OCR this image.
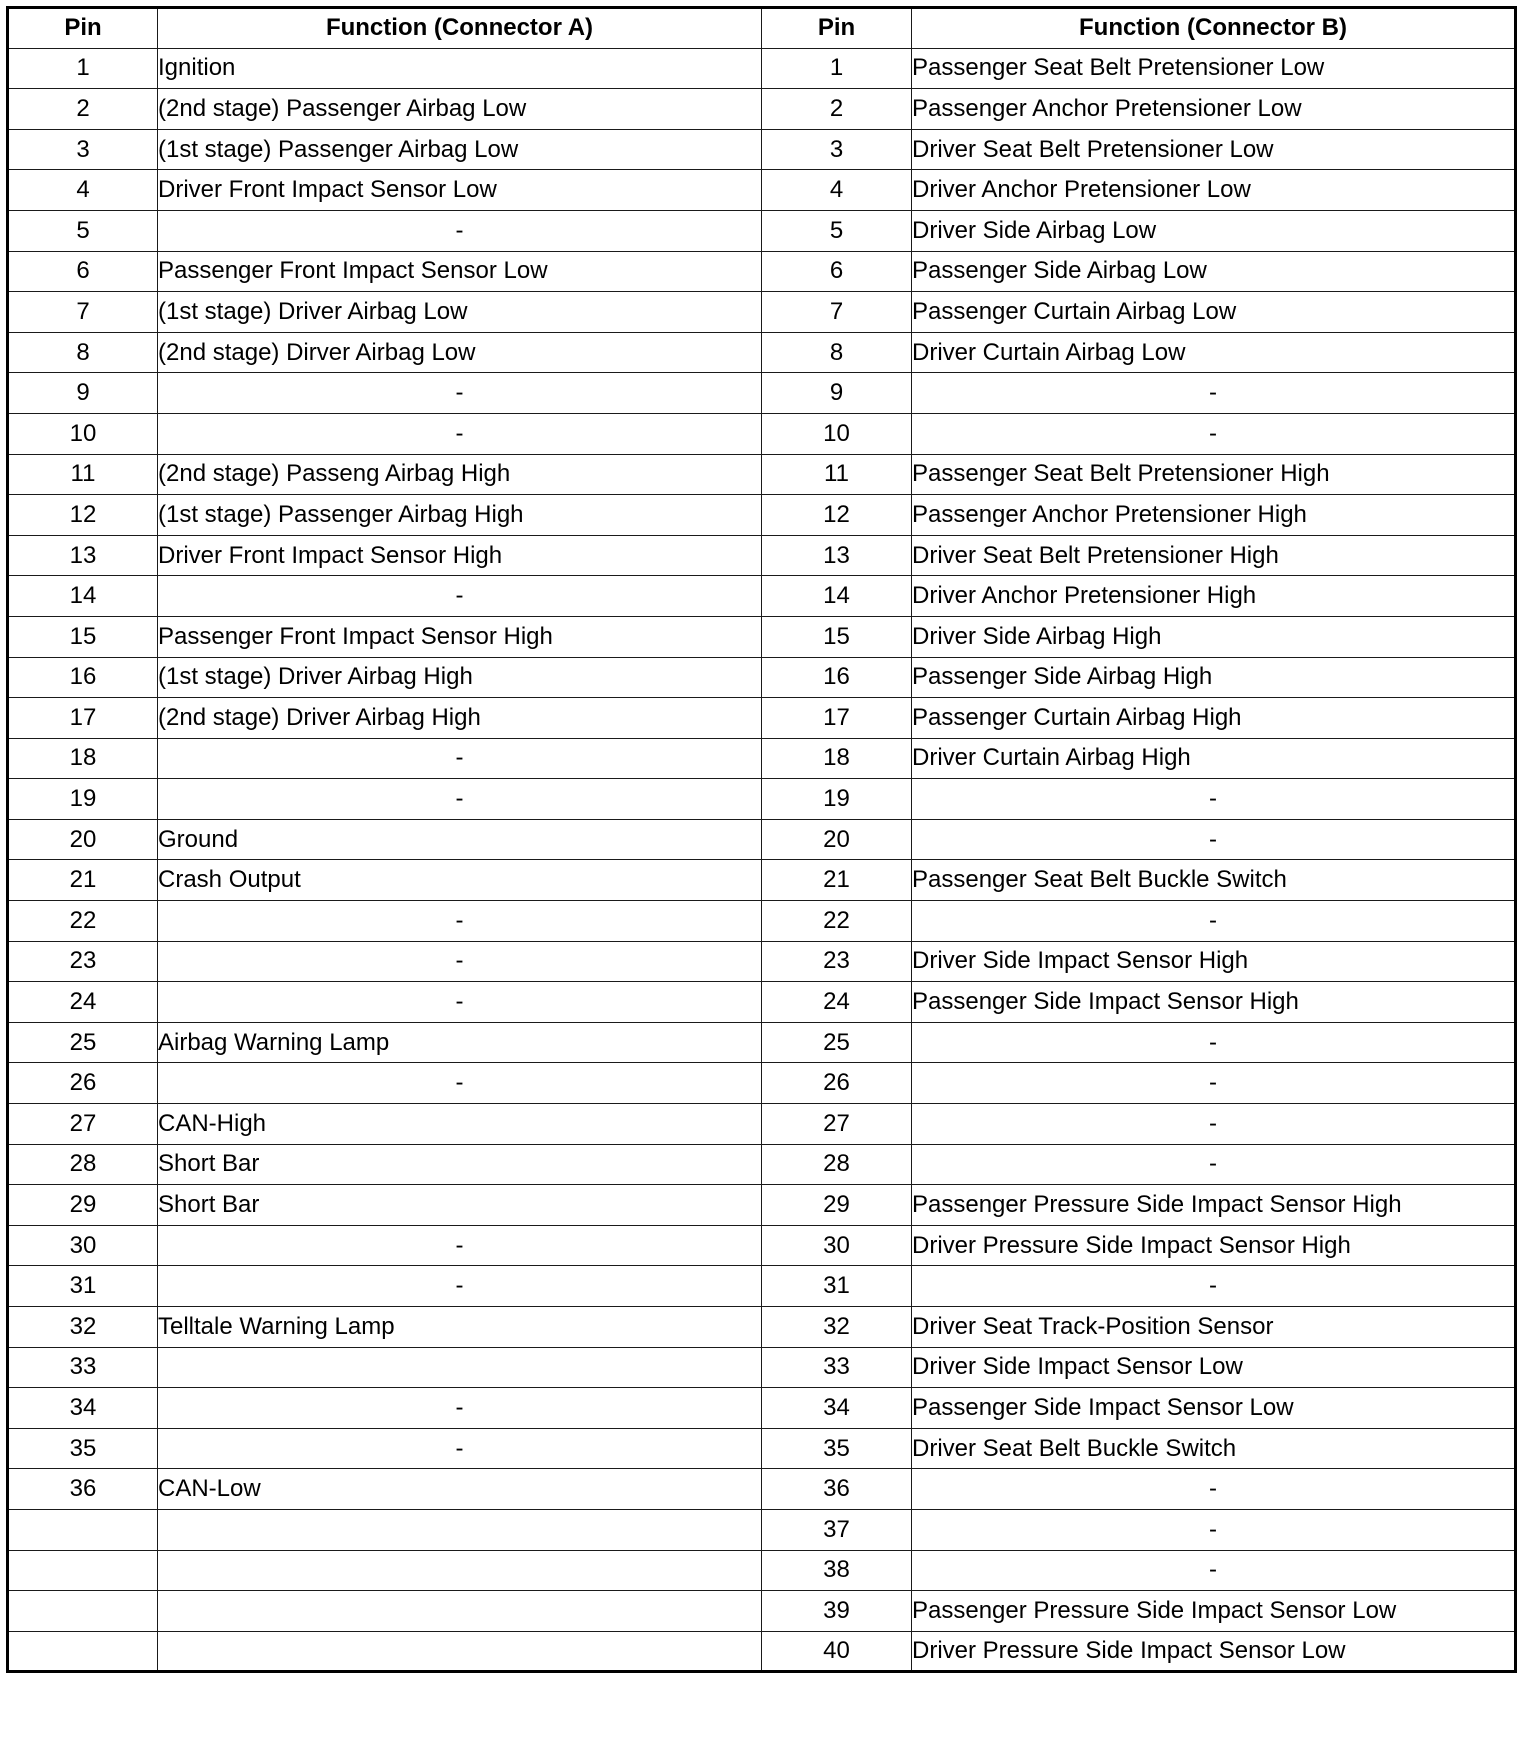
Pin	Function (Connector A)	Pin	Function (Connector B)
1	Ignition	1	Passenger Seat Belt Pretensioner Low
2	(2nd stage) Passenger Airbag Low	2	Passenger Anchor Pretensioner Low
3	(1st stage) Passenger Airbag Low	3	Driver Seat Belt Pretensioner Low
4	Driver Front Impact Sensor Low	4	Driver Anchor Pretensioner Low
5	-	5	Driver Side Airbag Low
6	Passenger Front Impact Sensor Low	6	Passenger Side Airbag Low
7	(1st stage) Driver Airbag Low	7	Passenger Curtain Airbag Low
8	(2nd stage) Dirver Airbag Low	8	Driver Curtain Airbag Low
9	-	9	-
10	-	10	-
11	(2nd stage) Passeng Airbag High	11	Passenger Seat Belt Pretensioner High
12	(1st stage) Passenger Airbag High	12	Passenger Anchor Pretensioner High
13	Driver Front Impact Sensor High	13	Driver Seat Belt Pretensioner High
14	-	14	Driver Anchor Pretensioner High
15	Passenger Front Impact Sensor High	15	Driver Side Airbag High
16	(1st stage) Driver Airbag High	16	Passenger Side Airbag High
17	(2nd stage) Driver Airbag High	17	Passenger Curtain Airbag High
18	-	18	Driver Curtain Airbag High
19	-	19	-
20	Ground	20	-
21	Crash Output	21	Passenger Seat Belt Buckle Switch
22	-	22	-
23	-	23	Driver Side Impact Sensor High
24	-	24	Passenger Side Impact Sensor High
25	Airbag Warning Lamp	25	-
26	-	26	-
27	CAN-High	27	-
28	Short Bar	28	-
29	Short Bar	29	Passenger Pressure Side Impact Sensor High
30	-	30	Driver Pressure Side Impact Sensor High
31	-	31	-
32	Telltale Warning Lamp	32	Driver Seat Track-Position Sensor
33		33	Driver Side Impact Sensor Low
34	-	34	Passenger Side Impact Sensor Low
35	-	35	Driver Seat Belt Buckle Switch
36	CAN-Low	36	-
		37	-
		38	-
		39	Passenger Pressure Side Impact Sensor Low
		40	Driver Pressure Side Impact Sensor Low
